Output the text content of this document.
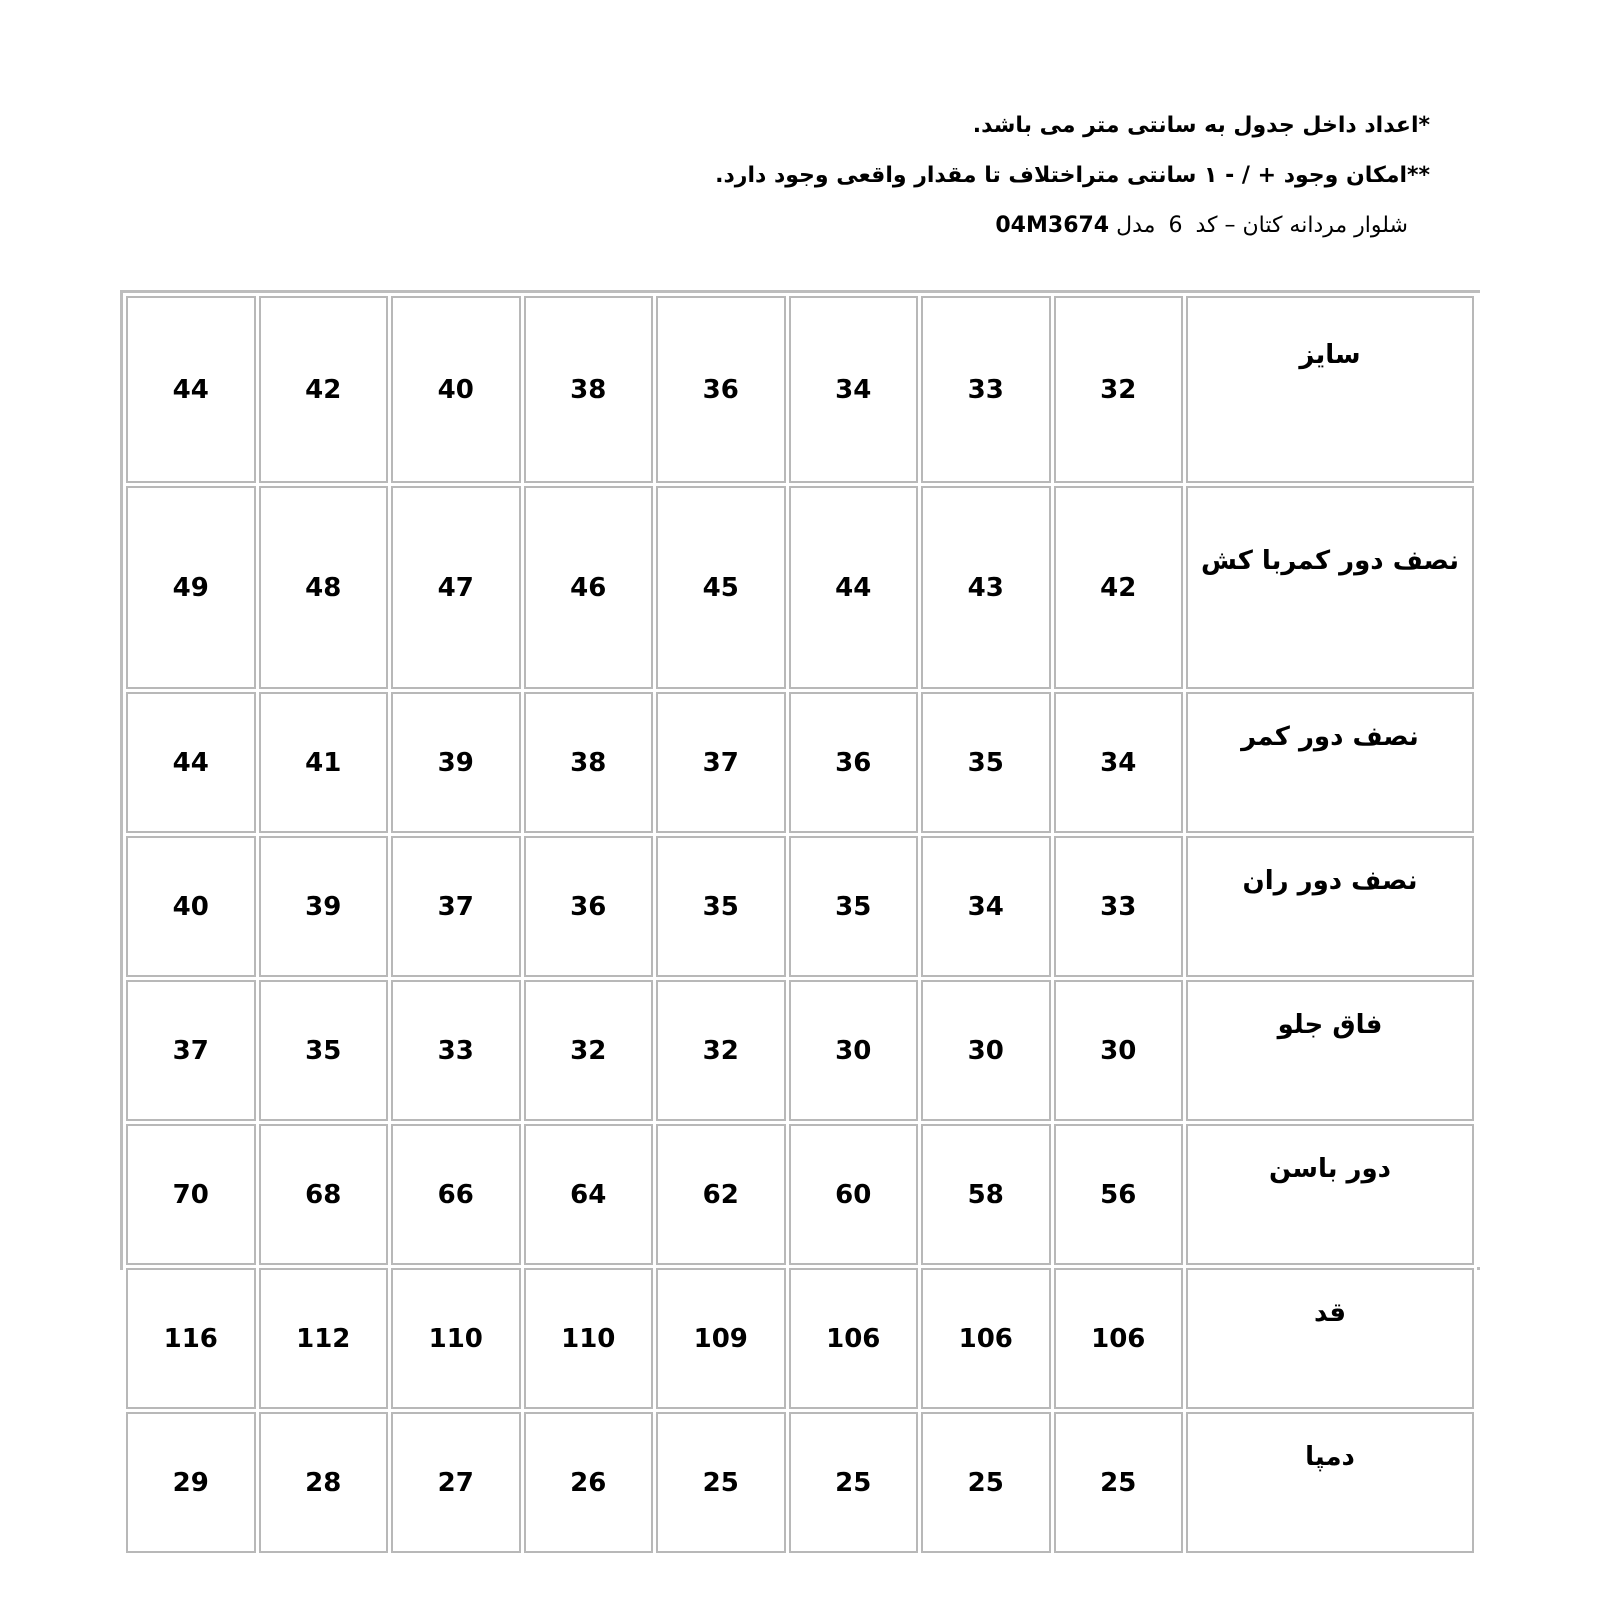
*اعداد داخل جدول به سانتی متر می باشد.
**امکان وجود + / - ۱ سانتی متراختلاف تا مقدار واقعی وجود دارد.
شلوار مردانه کتان – کد 6 مدل 04M3674
سایز	32	33	34	36	38	40	42	44
نصف دور کمربا کش	42	43	44	45	46	47	48	49
نصف دور کمر	34	35	36	37	38	39	41	44
نصف دور ران	33	34	35	35	36	37	39	40
فاق جلو	30	30	30	32	32	33	35	37
دور باسن	56	58	60	62	64	66	68	70
قد	106	106	106	109	110	110	112	116
دمپا	25	25	25	25	26	27	28	29
